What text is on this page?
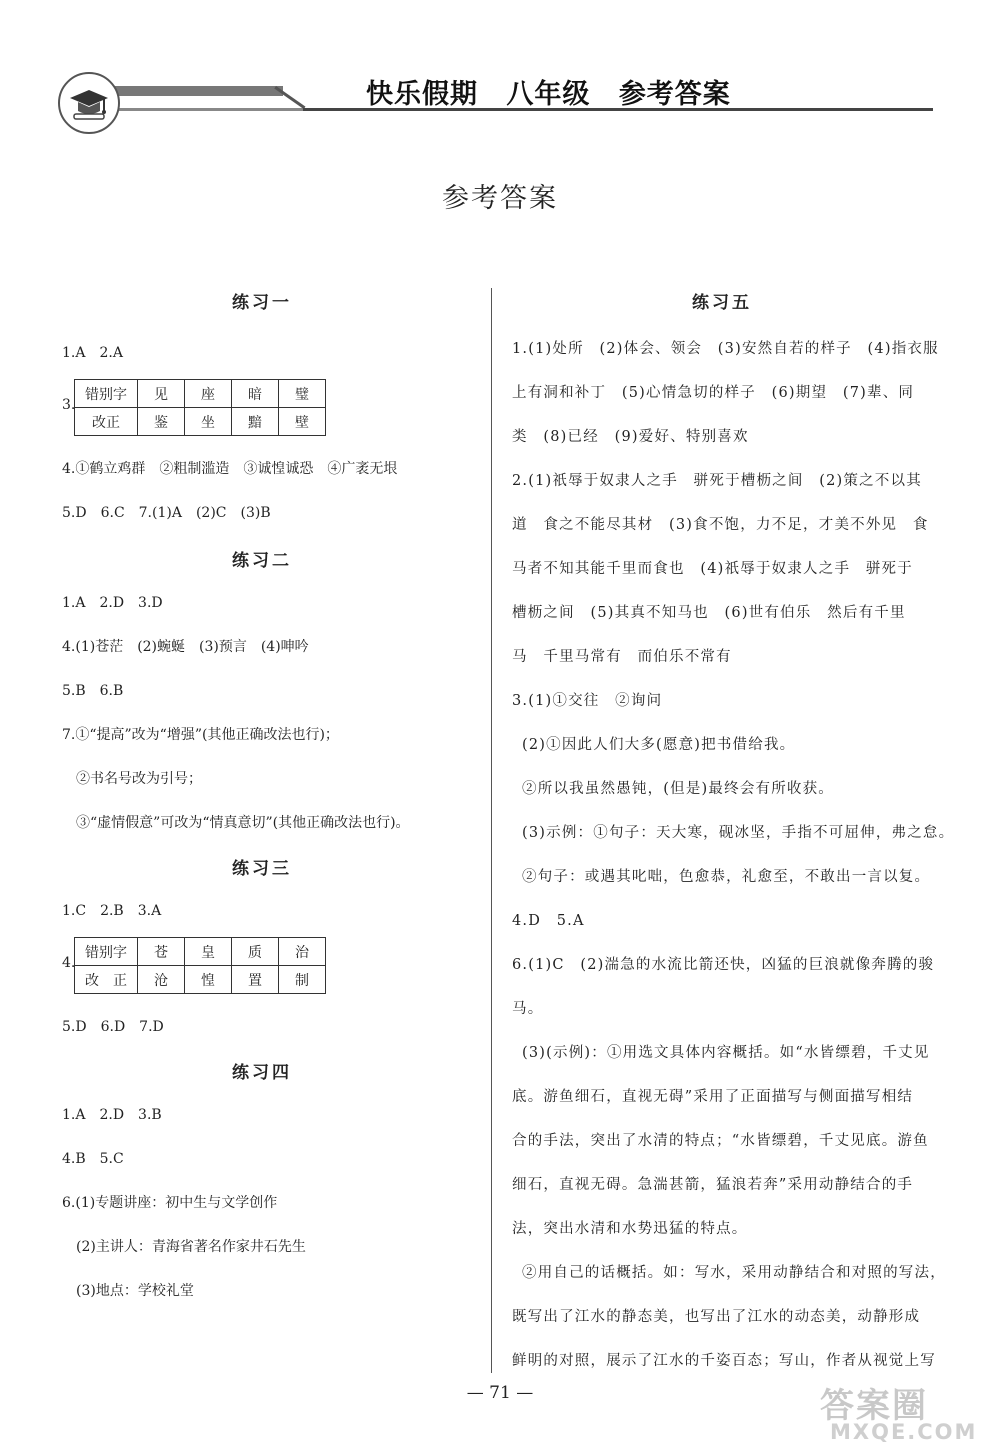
快乐假期 八年级 参考答案
参考答案

练习一

1.A　2.A

3.
错别字	见	座	暗	璧
改正	鉴	坐	黯	壁

4.①鹤立鸡群　②粗制滥造　③诚惶诚恐　④广袤无垠

5.D　6.C　7.(1)A　(2)C　(3)B

练习二

1.A　2.D　3.D

4.(1)苍茫　(2)蜿蜒　(3)预言　(4)呻吟

5.B　6.B

7.①“提高”改为“增强”(其他正确改法也行)；

②书名号改为引号；

③“虚情假意”可改为“情真意切”(其他正确改法也行)。

练习三

1.C　2.B　3.A

4.
错别字	苍	皇	质	治
改　正	沧	惶	置	制

5.D　6.D　7.D

练习四

1.A　2.D　3.B

4.B　5.C

6.(1)专题讲座：初中生与文学创作

(2)主讲人：青海省著名作家井石先生

(3)地点：学校礼堂

练习五

1.(1)处所　(2)体会、领会　(3)安然自若的样子　(4)指衣服

上有洞和补丁　(5)心情急切的样子　(6)期望　(7)辈、同

类　(8)已经　(9)爱好、特别喜欢

2.(1)祇辱于奴隶人之手　骈死于槽枥之间　(2)策之不以其

道　食之不能尽其材　(3)食不饱，力不足，才美不外见　食

马者不知其能千里而食也　(4)祇辱于奴隶人之手　骈死于

槽枥之间　(5)其真不知马也　(6)世有伯乐　然后有千里

马　千里马常有　而伯乐不常有

3.(1)①交往　②询问

(2)①因此人们大多(愿意)把书借给我。

②所以我虽然愚钝，(但是)最终会有所收获。

(3)示例：①句子：天大寒，砚冰坚，手指不可屈伸，弗之怠。

②句子：或遇其叱咄，色愈恭，礼愈至，不敢出一言以复。

4.D　5.A

6.(1)C　(2)湍急的水流比箭还快，凶猛的巨浪就像奔腾的骏

马。

(3)(示例)：①用选文具体内容概括。如“水皆缥碧，千丈见

底。游鱼细石，直视无碍”采用了正面描写与侧面描写相结

合的手法，突出了水清的特点；“水皆缥碧，千丈见底。游鱼

细石，直视无碍。急湍甚箭，猛浪若奔”采用动静结合的手

法，突出水清和水势迅猛的特点。

②用自己的话概括。如：写水，采用动静结合和对照的写法，

既写出了江水的静态美，也写出了江水的动态美，动静形成

鲜明的对照，展示了江水的千姿百态；写山，作者从视觉上写

— 71 —	答案圈
MXQE.COM
